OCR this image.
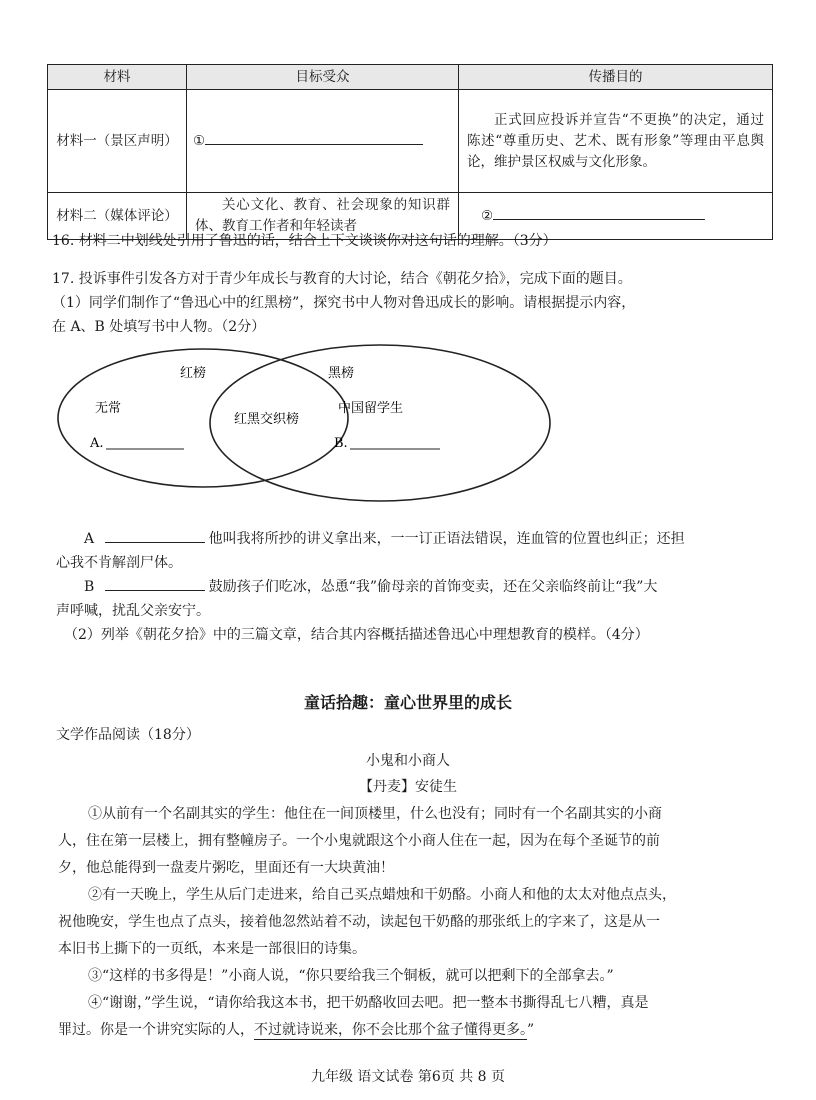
材料	目标受众	传播目的
材料一（景区声明）	①	正式回应投诉并宣告“不更换”的决定，通过陈述“尊重历史、艺术、既有形象”等理由平息舆论，维护景区权威与文化形象。
材料二（媒体评论）	关心文化、教育、社会现象的知识群体、教育工作者和年轻读者	②
16. 材料二中划线处引用了鲁迅的话，结合上下文谈谈你对这句话的理解。（3分）
17. 投诉事件引发各方对于青少年成长与教育的大讨论，结合《朝花夕拾》，完成下面的题目。
（1）同学们制作了“鲁迅心中的红黑榜”，探究书中人物对鲁迅成长的影响。请根据提示内容，
在 A、B 处填写书中人物。（2分）
红榜	黑榜
红黑交织榜
无常	中国留学生
A.	B.
A	他叫我将所抄的讲义拿出来，一一订正语法错误，连血管的位置也纠正；还担
心我不肯解剖尸体。
B	鼓励孩子们吃冰，怂恿“我”偷母亲的首饰变卖，还在父亲临终前让“我”大
声呼喊，扰乱父亲安宁。
（2）列举《朝花夕拾》中的三篇文章，结合其内容概括描述鲁迅心中理想教育的模样。（4分）
童话拾趣：童心世界里的成长
文学作品阅读（18分）
小鬼和小商人
【丹麦】安徒生
①从前有一个名副其实的学生：他住在一间顶楼里，什么也没有；同时有一个名副其实的小商
人，住在第一层楼上，拥有整幢房子。一个小鬼就跟这个小商人住在一起，因为在每个圣诞节的前
夕，他总能得到一盘麦片粥吃，里面还有一大块黄油！
②有一天晚上，学生从后门走进来，给自己买点蜡烛和干奶酪。小商人和他的太太对他点点头，
祝他晚安，学生也点了点头，接着他忽然站着不动，读起包干奶酪的那张纸上的字来了，这是从一
本旧书上撕下的一页纸，本来是一部很旧的诗集。
③“这样的书多得是！”小商人说，“你只要给我三个铜板，就可以把剩下的全部拿去。”
④“谢谢，”学生说，“请你给我这本书，把干奶酪收回去吧。把一整本书撕得乱七八糟，真是
罪过。你是一个讲究实际的人，不过就诗说来，你不会比那个盆子懂得更多。”
九年级 语文试卷 第6页 共 8 页
